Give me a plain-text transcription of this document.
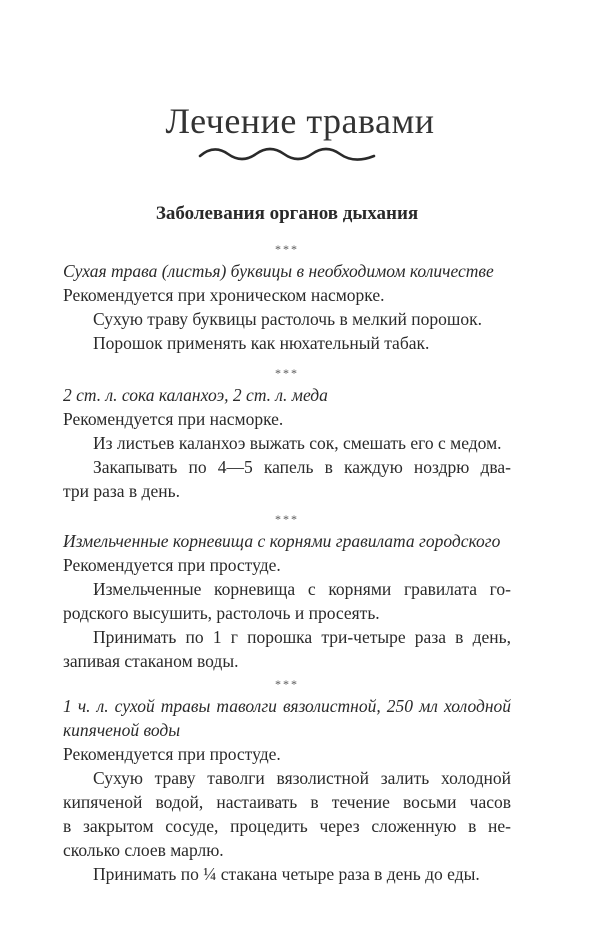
Лечение травами
Заболевания органов дыхания
***
Сухая трава (листья) буквицы в необходимом количестве
Рекомендуется при хроническом насморке.
Сухую траву буквицы растолочь в мелкий порошок.
Порошок применять как нюхательный табак.
***
2 ст. л. сока каланхоэ, 2 ст. л. меда
Рекомендуется при насморке.
Из листьев каланхоэ выжать сок, смешать его с медом.
Закапывать по 4—5 капель в каждую ноздрю два-
три раза в день.
***
Измельченные корневища с корнями гравилата городского
Рекомендуется при простуде.
Измельченные корневища с корнями гравилата го-
родского высушить, растолочь и просеять.
Принимать по 1 г порошка три-четыре раза в день,
запивая стаканом воды.
***
1 ч. л. сухой травы таволги вязолистной, 250 мл холодной
кипяченой воды
Рекомендуется при простуде.
Сухую траву таволги вязолистной залить холодной
кипяченой водой, настаивать в течение восьми часов
в закрытом сосуде, процедить через сложенную в не-
сколько слоев марлю.
Принимать по ¼ стакана четыре раза в день до еды.
